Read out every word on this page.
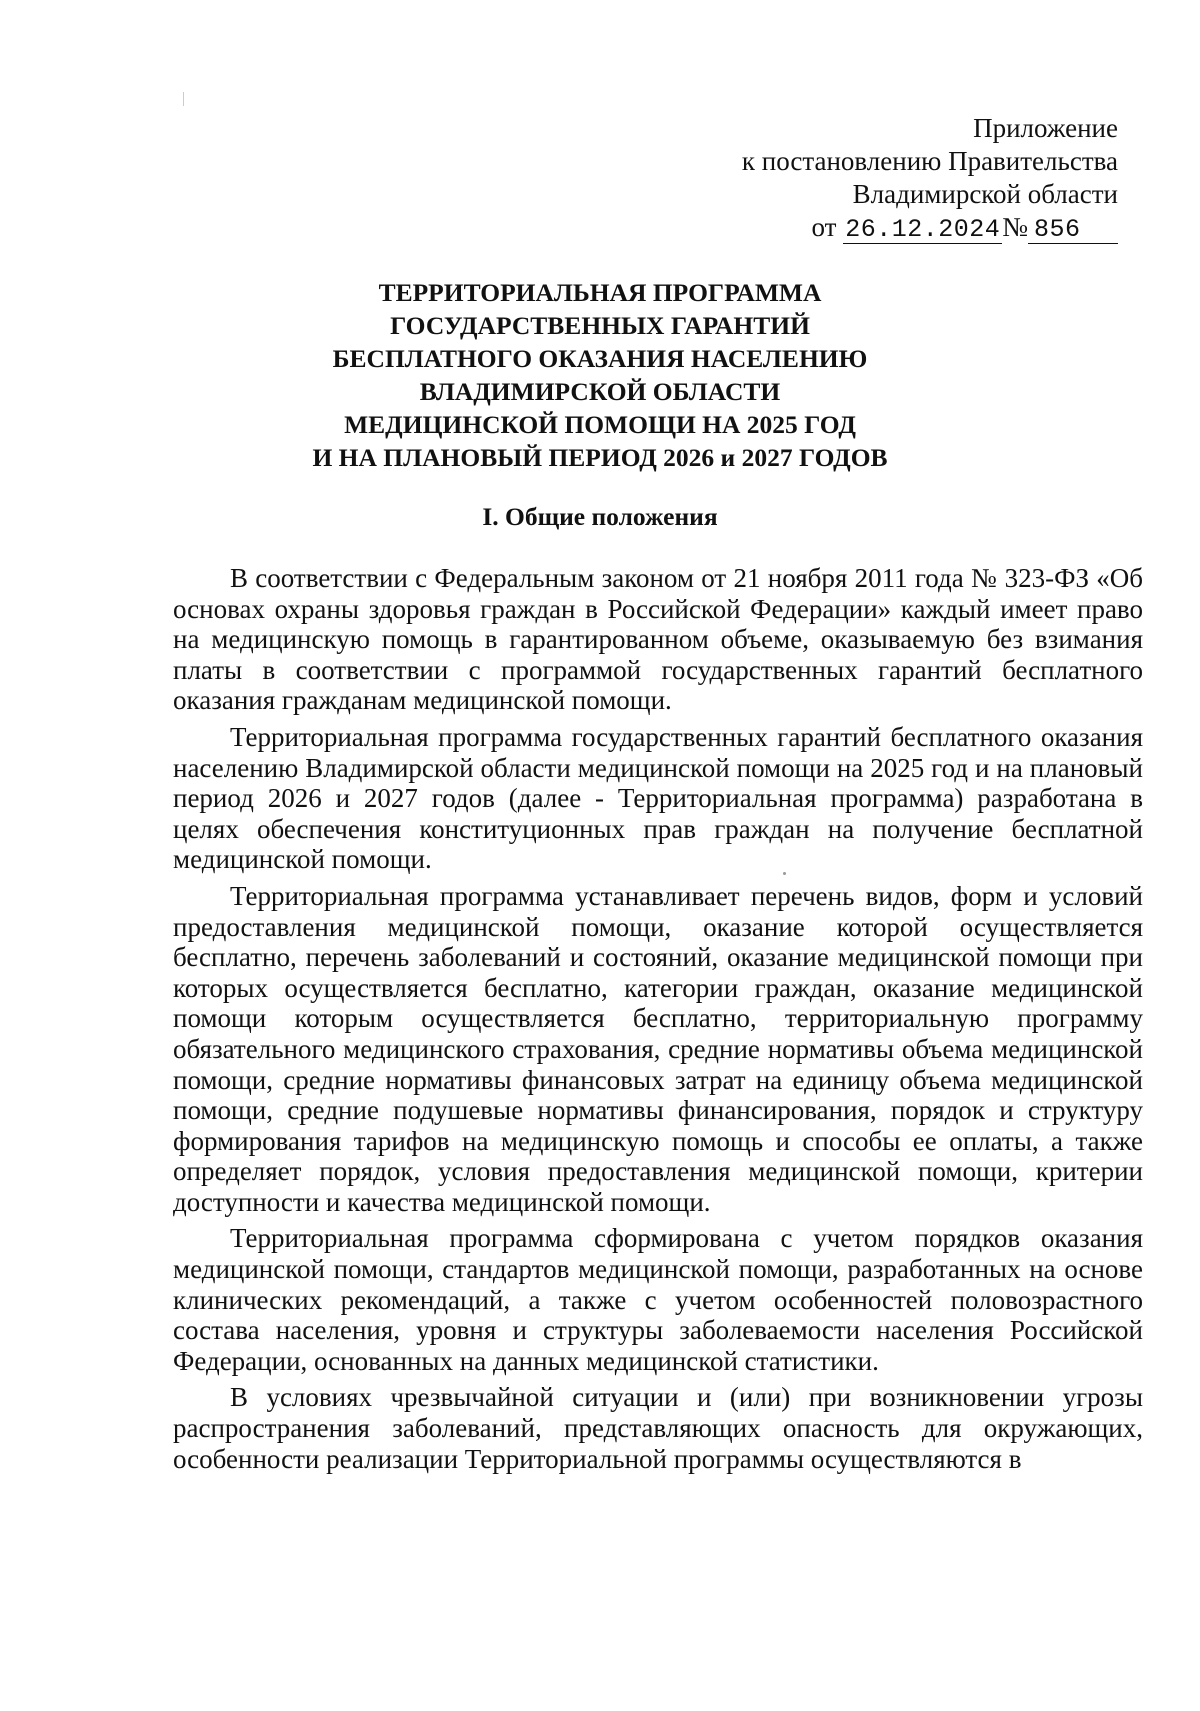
Приложение
к постановлению Правительства
Владимирской области
от 26.12.2024№ 856
ТЕРРИТОРИАЛЬНАЯ ПРОГРАММА
ГОСУДАРСТВЕННЫХ ГАРАНТИЙ
БЕСПЛАТНОГО ОКАЗАНИЯ НАСЕЛЕНИЮ
ВЛАДИМИРСКОЙ ОБЛАСТИ
МЕДИЦИНСКОЙ ПОМОЩИ НА 2025 ГОД
И НА ПЛАНОВЫЙ ПЕРИОД 2026 и 2027 ГОДОВ
I. Общие положения

В соответствии с Федеральным законом от 21 ноября 2011 года № 323-ФЗ «Об основах охраны здоровья граждан в Российской Федерации» каждый имеет право на медицинскую помощь в гарантированном объеме, оказываемую без взимания платы в соответствии с программой государственных гарантий бесплатного оказания гражданам медицинской помощи.

Территориальная программа государственных гарантий бесплатного оказания населению Владимирской области медицинской помощи на 2025 год и на плановый период 2026 и 2027 годов (далее - Территориальная программа) разработана в целях обеспечения конституционных прав граждан на получение бесплатной медицинской помощи.

Территориальная программа устанавливает перечень видов, форм и условий предоставления медицинской помощи, оказание которой осуществляется бесплатно, перечень заболеваний и состояний, оказание медицинской помощи при которых осуществляется бесплатно, категории граждан, оказание медицинской помощи которым осуществляется бесплатно, территориальную программу обязательного медицинского страхования, средние нормативы объема медицинской помощи, средние нормативы финансовых затрат на единицу объема медицинской помощи, средние подушевые нормативы финансирования, порядок и структуру формирования тарифов на медицинскую помощь и способы ее оплаты, а также определяет порядок, условия предоставления медицинской помощи, критерии доступности и качества медицинской помощи.

Территориальная программа сформирована с учетом порядков оказания медицинской помощи, стандартов медицинской помощи, разработанных на основе клинических рекомендаций, а также с учетом особенностей половозрастного состава населения, уровня и структуры заболеваемости населения Российской Федерации, основанных на данных медицинской статистики.

В условиях чрезвычайной ситуации и (или) при возникновении угрозы распространения заболеваний, представляющих опасность для окружающих, особенности реализации Территориальной программы осуществляются в
